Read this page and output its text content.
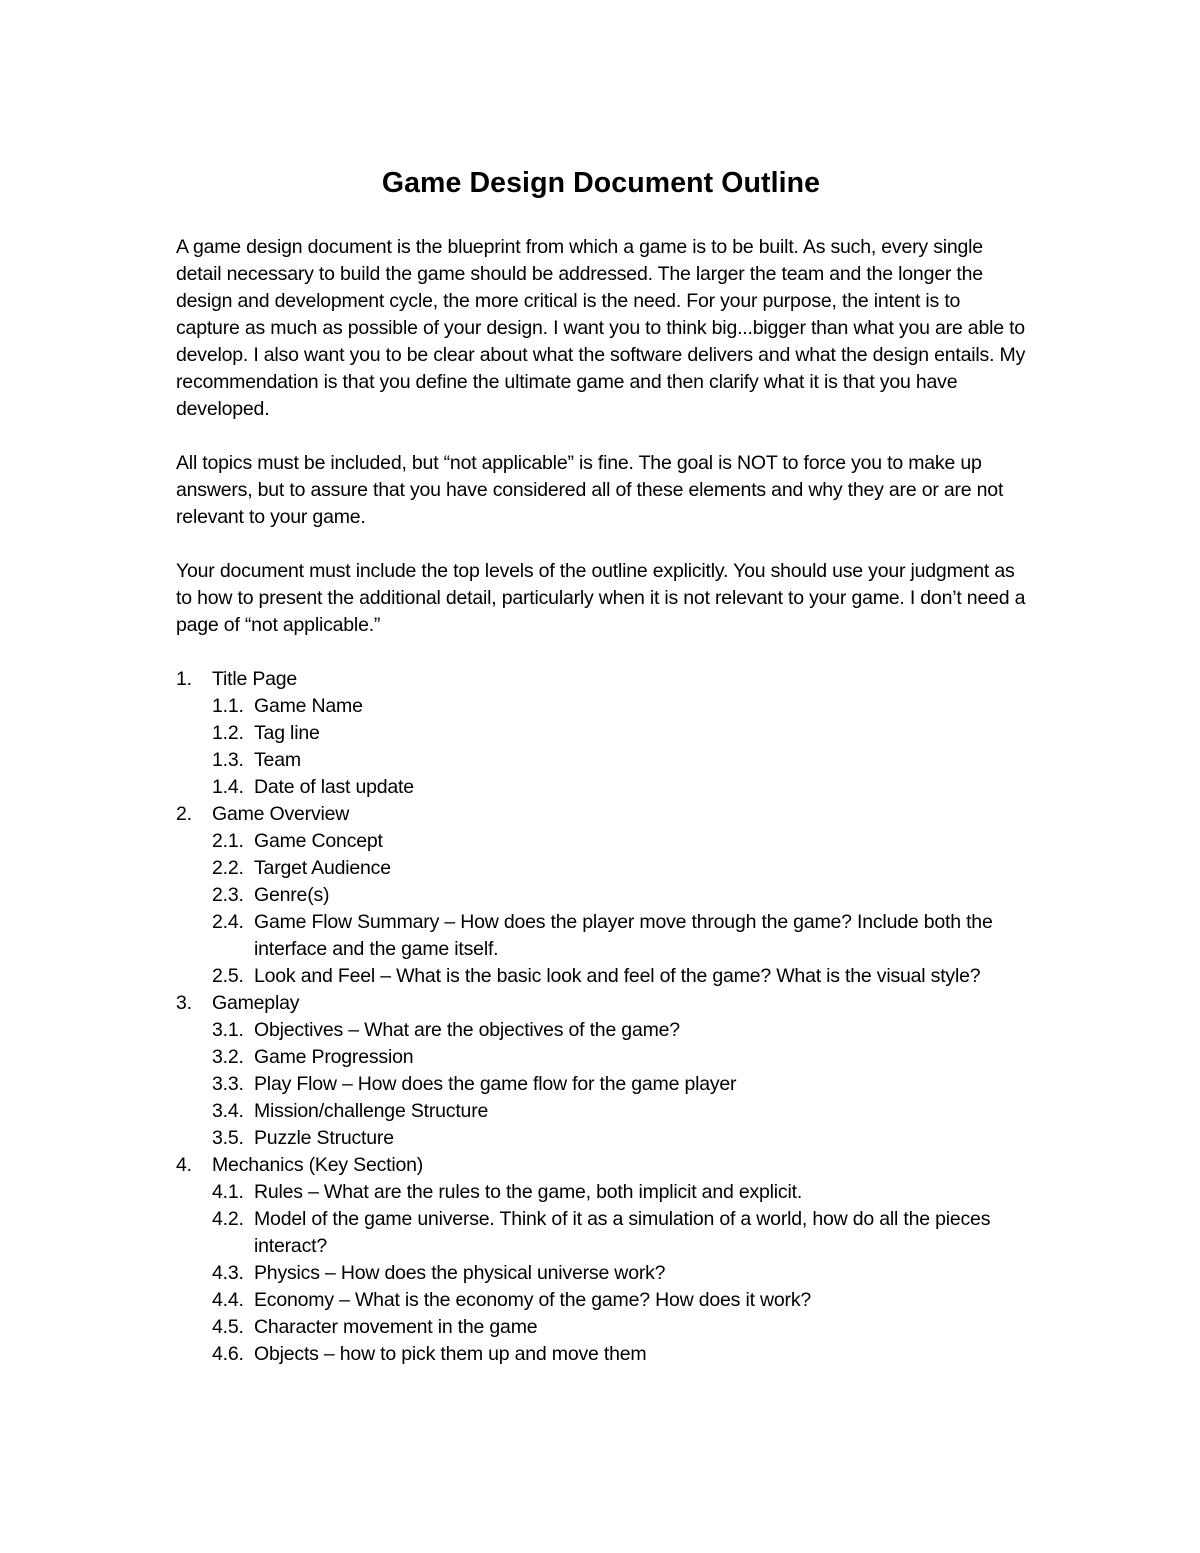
Game Design Document Outline

A game design document is the blueprint from which a game is to be built. As such, every single detail necessary to build the game should be addressed. The larger the team and the longer the design and development cycle, the more critical is the need. For your purpose, the intent is to capture as much as possible of your design. I want you to think big...bigger than what you are able to develop. I also want you to be clear about what the software delivers and what the design entails. My recommendation is that you define the ultimate game and then clarify what it is that you have developed.

All topics must be included, but “not applicable” is fine. The goal is NOT to force you to make up answers, but to assure that you have considered all of these elements and why they are or are not relevant to your game.

Your document must include the top levels of the outline explicitly. You should use your judgment as to how to present the additional detail, particularly when it is not relevant to your game. I don’t need a page of “not applicable.”

1.	Title Page
1.1. Game Name
1.2. Tag line
1.3. Team
1.4. Date of last update
2.	Game Overview
2.1. Game Concept
2.2. Target Audience
2.3. Genre(s)
2.4. Game Flow Summary – How does the player move through the game? Include both the interface and the game itself.
2.5. Look and Feel – What is the basic look and feel of the game? What is the visual style?
3.	Gameplay
3.1. Objectives – What are the objectives of the game?
3.2. Game Progression
3.3. Play Flow – How does the game flow for the game player
3.4. Mission/challenge Structure
3.5. Puzzle Structure
4.	Mechanics (Key Section)
4.1. Rules – What are the rules to the game, both implicit and explicit.
4.2. Model of the game universe. Think of it as a simulation of a world, how do all the pieces interact?
4.3. Physics – How does the physical universe work?
4.4. Economy – What is the economy of the game? How does it work?
4.5. Character movement in the game
4.6. Objects – how to pick them up and move them
